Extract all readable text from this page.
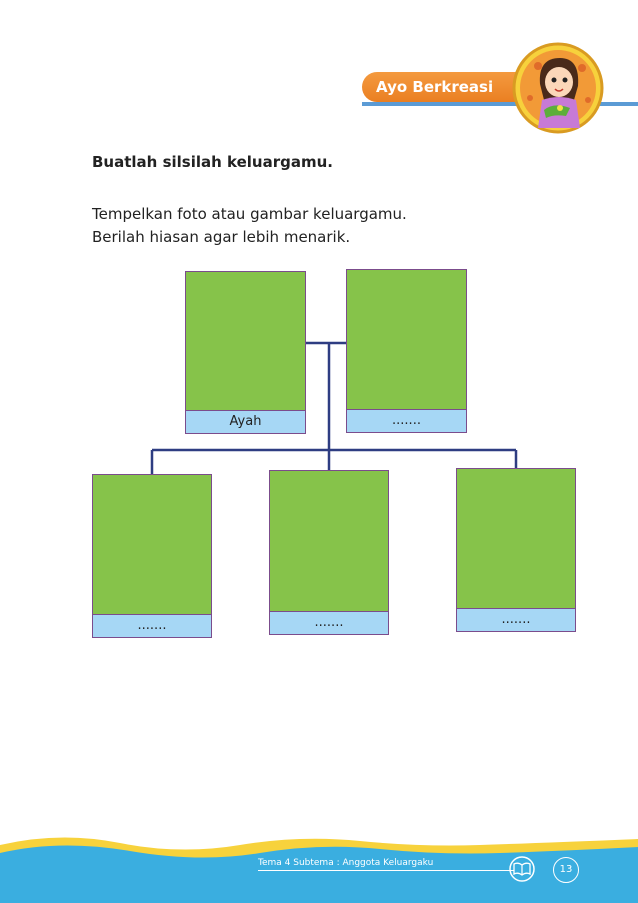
Ayo Berkreasi

Buatlah silsilah keluargamu.

Tempelkan foto atau gambar keluargamu.
Berilah hiasan agar lebih menarik.

Ayah	.......
.......	.......	.......
Tema 4 Subtema : Anggota Keluargaku
13
